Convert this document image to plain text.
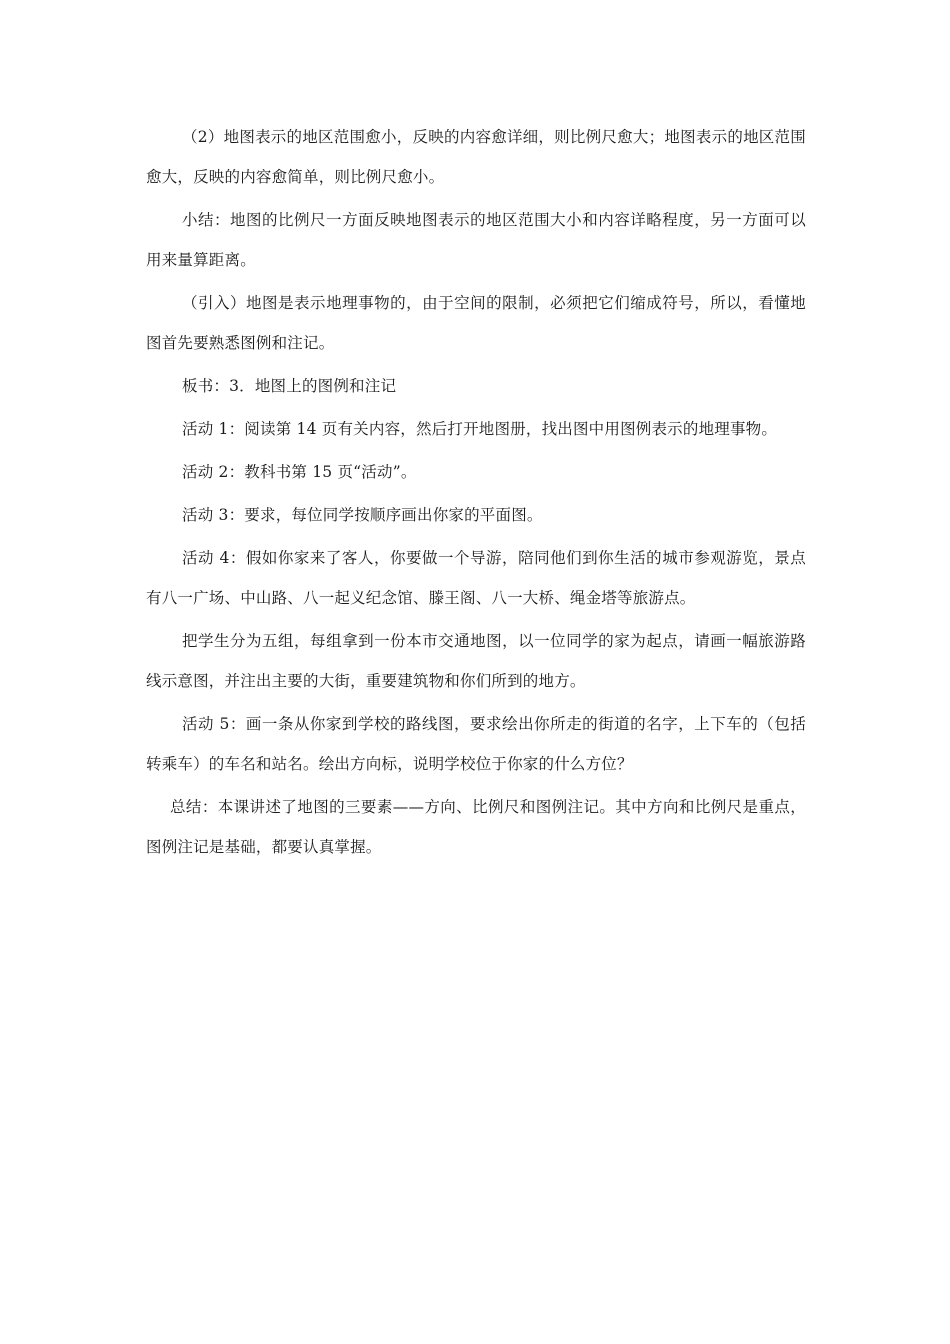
（2）地图表示的地区范围愈小，反映的内容愈详细，则比例尺愈大；地图表示的地区范围愈大，反映的内容愈简单，则比例尺愈小。

小结：地图的比例尺一方面反映地图表示的地区范围大小和内容详略程度，另一方面可以用来量算距离。

（引入）地图是表示地理事物的，由于空间的限制，必须把它们缩成符号，所以，看懂地图首先要熟悉图例和注记。

板书：3．地图上的图例和注记

活动 1：阅读第 14 页有关内容，然后打开地图册，找出图中用图例表示的地理事物。

活动 2：教科书第 15 页“活动”。

活动 3：要求，每位同学按顺序画出你家的平面图。

活动 4：假如你家来了客人，你要做一个导游，陪同他们到你生活的城市参观游览，景点有八一广场、中山路、八一起义纪念馆、滕王阁、八一大桥、绳金塔等旅游点。

把学生分为五组，每组拿到一份本市交通地图，以一位同学的家为起点，请画一幅旅游路线示意图，并注出主要的大街，重要建筑物和你们所到的地方。

活动 5：画一条从你家到学校的路线图，要求绘出你所走的街道的名字，上下车的（包括转乘车）的车名和站名。绘出方向标，说明学校位于你家的什么方位？

总结：本课讲述了地图的三要素——方向、比例尺和图例注记。其中方向和比例尺是重点，图例注记是基础，都要认真掌握。
